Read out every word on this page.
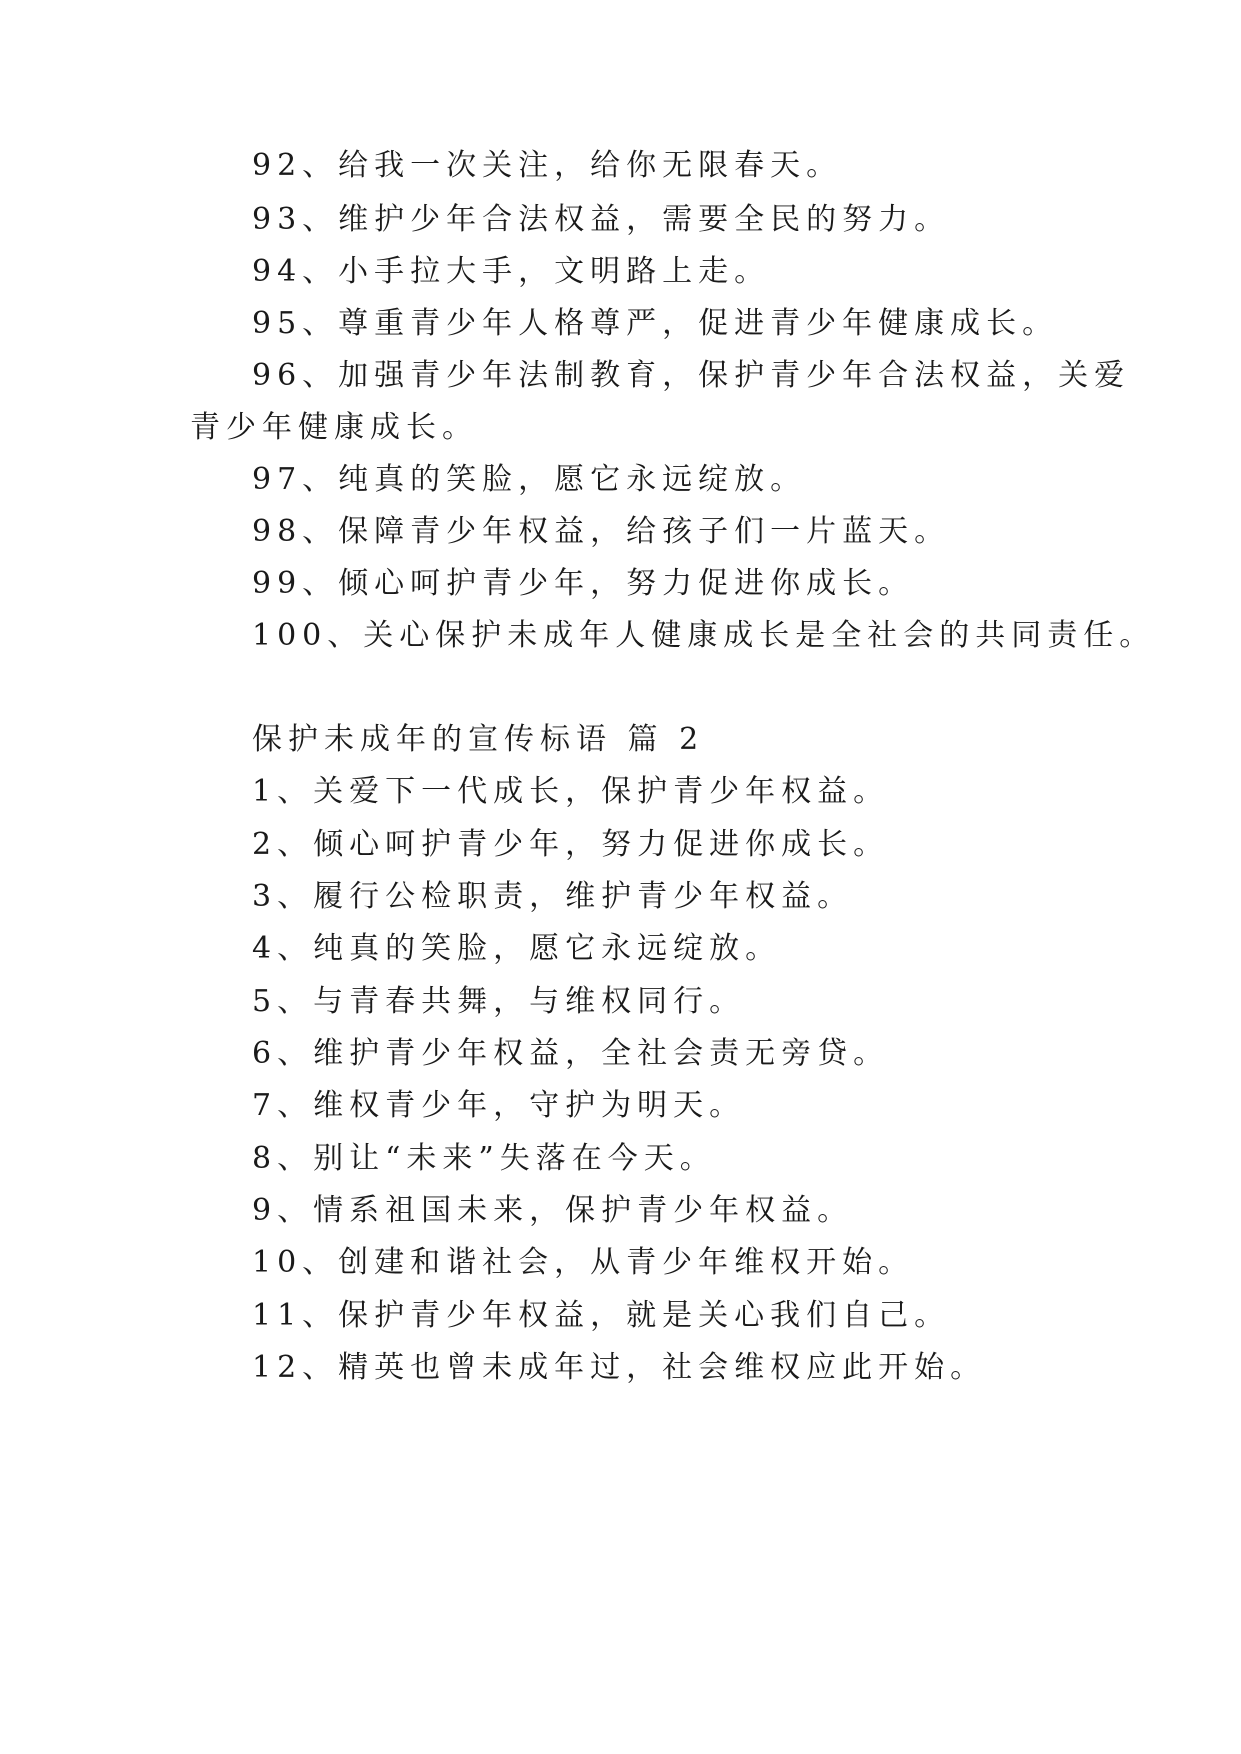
92、给我一次关注，给你无限春天。
93、维护少年合法权益，需要全民的努力。
94、小手拉大手，文明路上走。
95、尊重青少年人格尊严，促进青少年健康成长。
96、加强青少年法制教育，保护青少年合法权益，关爱
青少年健康成长。
97、纯真的笑脸，愿它永远绽放。
98、保障青少年权益，给孩子们一片蓝天。
99、倾心呵护青少年，努力促进你成长。
100、关心保护未成年人健康成长是全社会的共同责任。
保护未成年的宣传标语 篇 2
1、关爱下一代成长，保护青少年权益。
2、倾心呵护青少年，努力促进你成长。
3、履行公检职责，维护青少年权益。
4、纯真的笑脸，愿它永远绽放。
5、与青春共舞，与维权同行。
6、维护青少年权益，全社会责无旁贷。
7、维权青少年，守护为明天。
8、别让“未来”失落在今天。
9、情系祖国未来，保护青少年权益。
10、创建和谐社会，从青少年维权开始。
11、保护青少年权益，就是关心我们自己。
12、精英也曾未成年过，社会维权应此开始。
